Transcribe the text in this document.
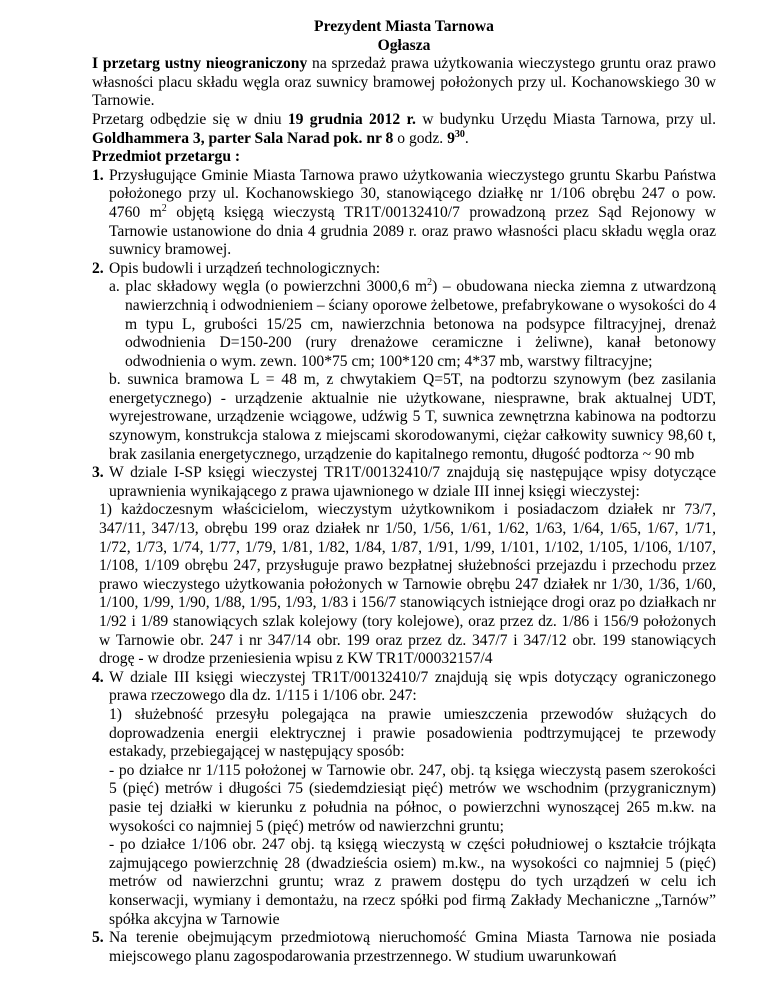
Prezydent Miasta Tarnowa

Ogłasza

I przetarg ustny nieograniczony na sprzedaż prawa użytkowania wieczystego gruntu oraz prawo własności placu składu węgla oraz suwnicy bramowej położonych przy ul. Kochanowskiego 30 w Tarnowie.

Przetarg odbędzie się w dniu 19 grudnia 2012 r. w budynku Urzędu Miasta Tarnowa, przy ul. Goldhammera 3, parter Sala Narad pok. nr 8 o godz. $9^{30}$.

Przedmiot przetargu :

1. Przysługujące Gminie Miasta Tarnowa prawo użytkowania wieczystego gruntu Skarbu Państwa położonego przy ul. Kochanowskiego 30, stanowiącego działkę nr 1/106 obrębu 247 o pow. 4760 $m^2$ objętą księgą wieczystą TR1T/00132410/7 prowadzoną przez Sąd Rejonowy w Tarnowie ustanowione do dnia 4 grudnia 2089 r. oraz prawo własności placu składu węgla oraz suwnicy bramowej.

2. Opis budowli i urządzeń technologicznych:

a. plac składowy węgla (o powierzchni 3000,6 $m^2$) – obudowana niecka ziemna z utwardzoną nawierzchnią i odwodnieniem – ściany oporowe żelbetowe, prefabrykowane o wysokości do 4 m typu L, grubości 15/25 cm, nawierzchnia betonowa na podsypce filtracyjnej, drenaż odwodnienia D=150-200 (rury drenażowe ceramiczne i żeliwne), kanał betonowy odwodnienia o wym. zewn. 100*75 cm; 100*120 cm; 4*37 mb, warstwy filtracyjne;

b. suwnica bramowa L = 48 m, z chwytakiem Q=5T, na podtorzu szynowym (bez zasilania energetycznego) - urządzenie aktualnie nie użytkowane, niesprawne, brak aktualnej UDT, wyrejestrowane, urządzenie wciągowe, udźwig 5 T, suwnica zewnętrzna kabinowa na podtorzu szynowym, konstrukcja stalowa z miejscami skorodowanymi, ciężar całkowity suwnicy 98,60 t, brak zasilania energetycznego, urządzenie do kapitalnego remontu, długość podtorza ~ 90 mb

3. W dziale I-SP księgi wieczystej TR1T/00132410/7 znajdują się następujące wpisy dotyczące uprawnienia wynikającego z prawa ujawnionego w dziale III innej księgi wieczystej:

1) każdoczesnym właścicielom, wieczystym użytkownikom i posiadaczom działek nr 73/7, 347/11, 347/13, obrębu 199 oraz działek nr 1/50, 1/56, 1/61, 1/62, 1/63, 1/64, 1/65, 1/67, 1/71, 1/72, 1/73, 1/74, 1/77, 1/79, 1/81, 1/82, 1/84, 1/87, 1/91, 1/99, 1/101, 1/102, 1/105, 1/106, 1/107, 1/108, 1/109 obrębu 247, przysługuje prawo bezpłatnej służebności przejazdu i przechodu przez prawo wieczystego użytkowania położonych w Tarnowie obrębu 247 działek nr 1/30, 1/36, 1/60, 1/100, 1/99, 1/90, 1/88, 1/95, 1/93, 1/83 i 156/7 stanowiących istniejące drogi oraz po działkach nr 1/92 i 1/89 stanowiących szlak kolejowy (tory kolejowe), oraz przez dz. 1/86 i 156/9 położonych w Tarnowie obr. 247 i nr 347/14 obr. 199 oraz przez dz. 347/7 i 347/12 obr. 199 stanowiących drogę - w drodze przeniesienia wpisu z KW TR1T/00032157/4

4. W dziale III księgi wieczystej TR1T/00132410/7 znajdują się wpis dotyczący ograniczonego prawa rzeczowego dla dz. 1/115 i 1/106 obr. 247:

1) służebność przesyłu polegająca na prawie umieszczenia przewodów służących do doprowadzenia energii elektrycznej i prawie posadowienia podtrzymującej te przewody estakady, przebiegającej w następujący sposób:

- po działce nr 1/115 położonej w Tarnowie obr. 247, obj. tą księga wieczystą pasem szerokości 5 (pięć) metrów i długości 75 (siedemdziesiąt pięć) metrów we wschodnim (przygranicznym) pasie tej działki w kierunku z południa na północ, o powierzchni wynoszącej 265 m.kw. na wysokości co najmniej 5 (pięć) metrów od nawierzchni gruntu;

- po działce 1/106 obr. 247 obj. tą księgą wieczystą w części południowej o kształcie trójkąta zajmującego powierzchnię 28 (dwadzieścia osiem) m.kw., na wysokości co najmniej 5 (pięć) metrów od nawierzchni gruntu; wraz z prawem dostępu do tych urządzeń w celu ich konserwacji, wymiany i demontażu, na rzecz spółki pod firmą Zakłady Mechaniczne „Tarnów” spółka akcyjna w Tarnowie

5. Na terenie obejmującym przedmiotową nieruchomość Gmina Miasta Tarnowa nie posiada miejscowego planu zagospodarowania przestrzennego. W studium uwarunkowań
